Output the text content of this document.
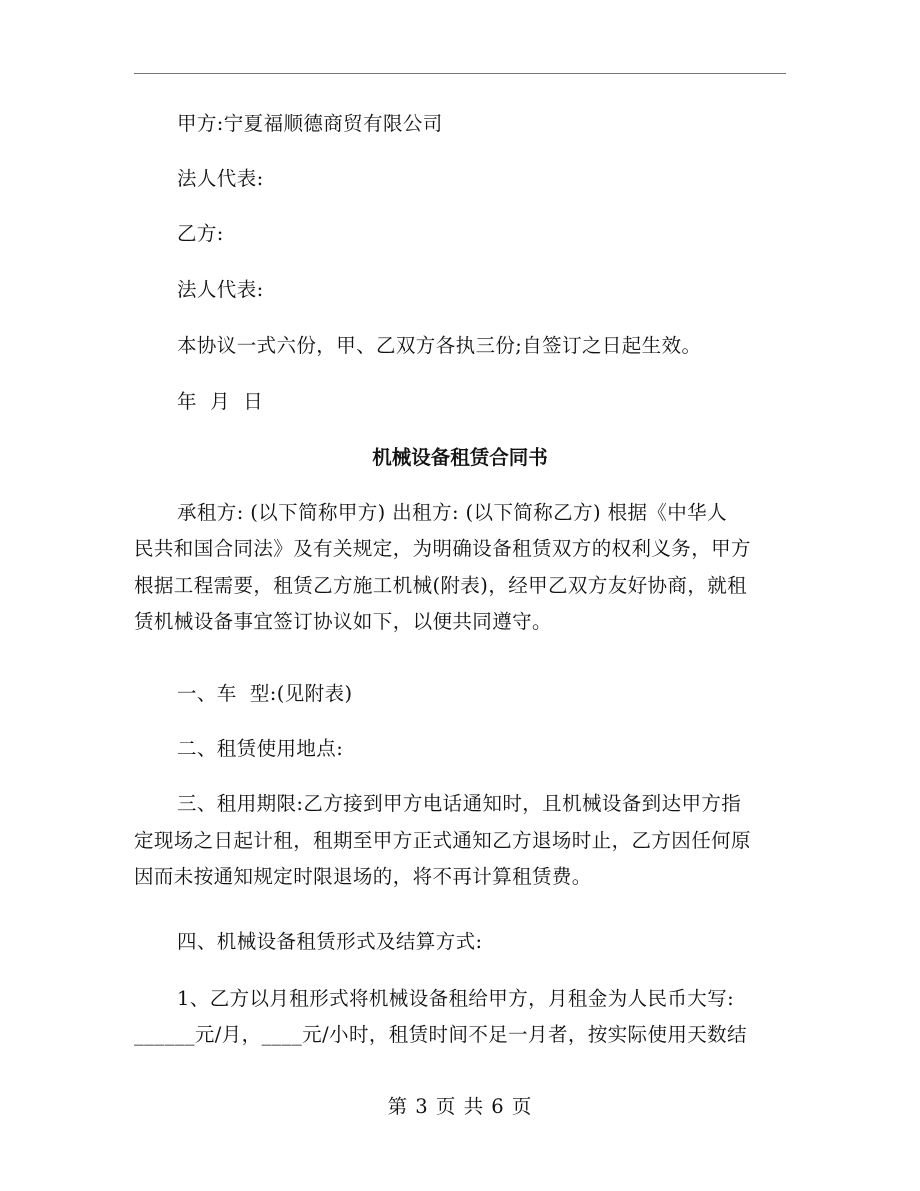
甲方:宁夏福顺德商贸有限公司

法人代表:

乙方:

法人代表:

本协议一式六份，甲、乙双方各执三份;自签订之日起生效。

年  月  日

机械设备租赁合同书

承租方: (以下简称甲方) 出租方: (以下简称乙方) 根据《中华人

民共和国合同法》及有关规定，为明确设备租赁双方的权利义务，甲方

根据工程需要，租赁乙方施工机械(附表)，经甲乙双方友好协商，就租

赁机械设备事宜签订协议如下，以便共同遵守。

一、车  型:(见附表)

二、租赁使用地点:

三、租用期限:乙方接到甲方电话通知时，且机械设备到达甲方指

定现场之日起计租，租期至甲方正式通知乙方退场时止，乙方因任何原

因而未按通知规定时限退场的，将不再计算租赁费。

四、机械设备租赁形式及结算方式:

1、乙方以月租形式将机械设备租给甲方，月租金为人民币大写:

______元/月，____元/小时，租赁时间不足一月者，按实际使用天数结

第 3 页 共 6 页
